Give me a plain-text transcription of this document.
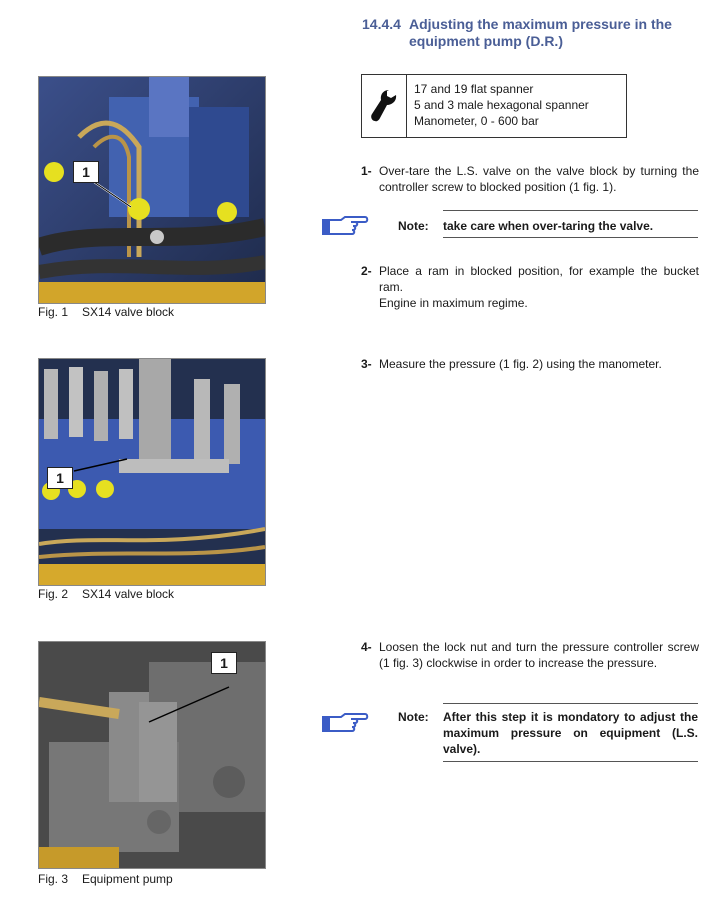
14.4.4 Adjusting the maximum pressure in the
equipment pump (D.R.)
17 and 19 flat spanner
5 and 3 male hexagonal spanner
Manometer, 0 - 600 bar
1- Over-tare the L.S. valve on the valve block by turning the controller screw to blocked position (1 fig. 1).
Note:	take care when over-taring the valve.
2- Place a ram in blocked position, for example the bucket ram.
Engine in maximum regime.
3- Measure the pressure (1 fig. 2) using the manometer.
4- Loosen the lock nut and turn the pressure controller screw (1 fig. 3) clockwise in order to increase the pressure.
Note:	After this step it is mondatory to adjust the maximum pressure on equipment (L.S. valve).
1
Fig. 1 SX14 valve block
1
Fig. 2 SX14 valve block
1
Fig. 3 Equipment pump
